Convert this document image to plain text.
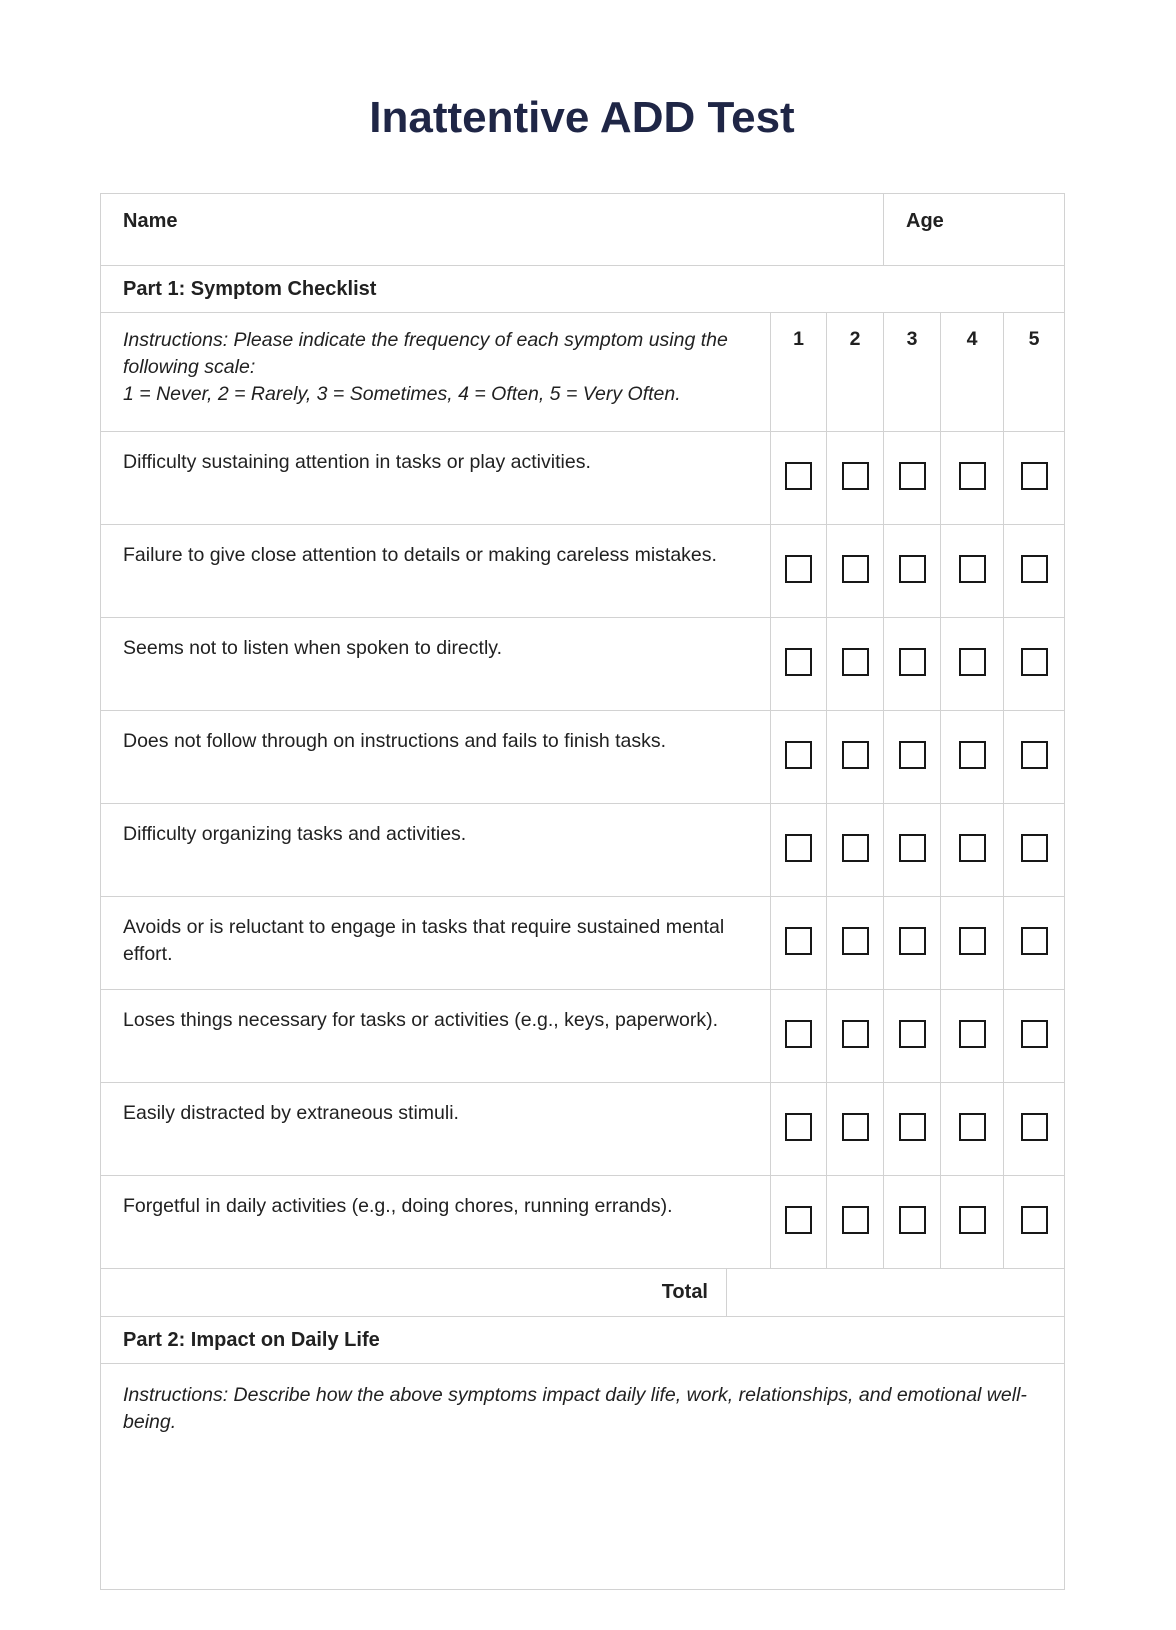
Inattentive ADD Test
Name			Age		
Part 1: Symptom Checklist					

Instructions: Please indicate the frequency of each symptom using the following scale:
1 = Never, 2 = Rarely, 3 = Sometimes, 4 = Often, 5 = Very Often.	1	2	3	4	5

Difficulty sustaining attention in tasks or play activities.					

Failure to give close attention to details or making careless mistakes.					

Seems not to listen when spoken to directly.					

Does not follow through on instructions and fails to finish tasks.					

Difficulty organizing tasks and activities.					

Avoids or is reluctant to engage in tasks that require sustained mental effort.					

Loses things necessary for tasks or activities (e.g., keys, paperwork).					

Easily distracted by extraneous stimuli.					

Forgetful in daily activities (e.g., doing chores, running errands).					

Total					

Part 2: Impact on Daily Life					

Instructions: Describe how the above symptoms impact daily life, work, relationships, and emotional well-being.					
